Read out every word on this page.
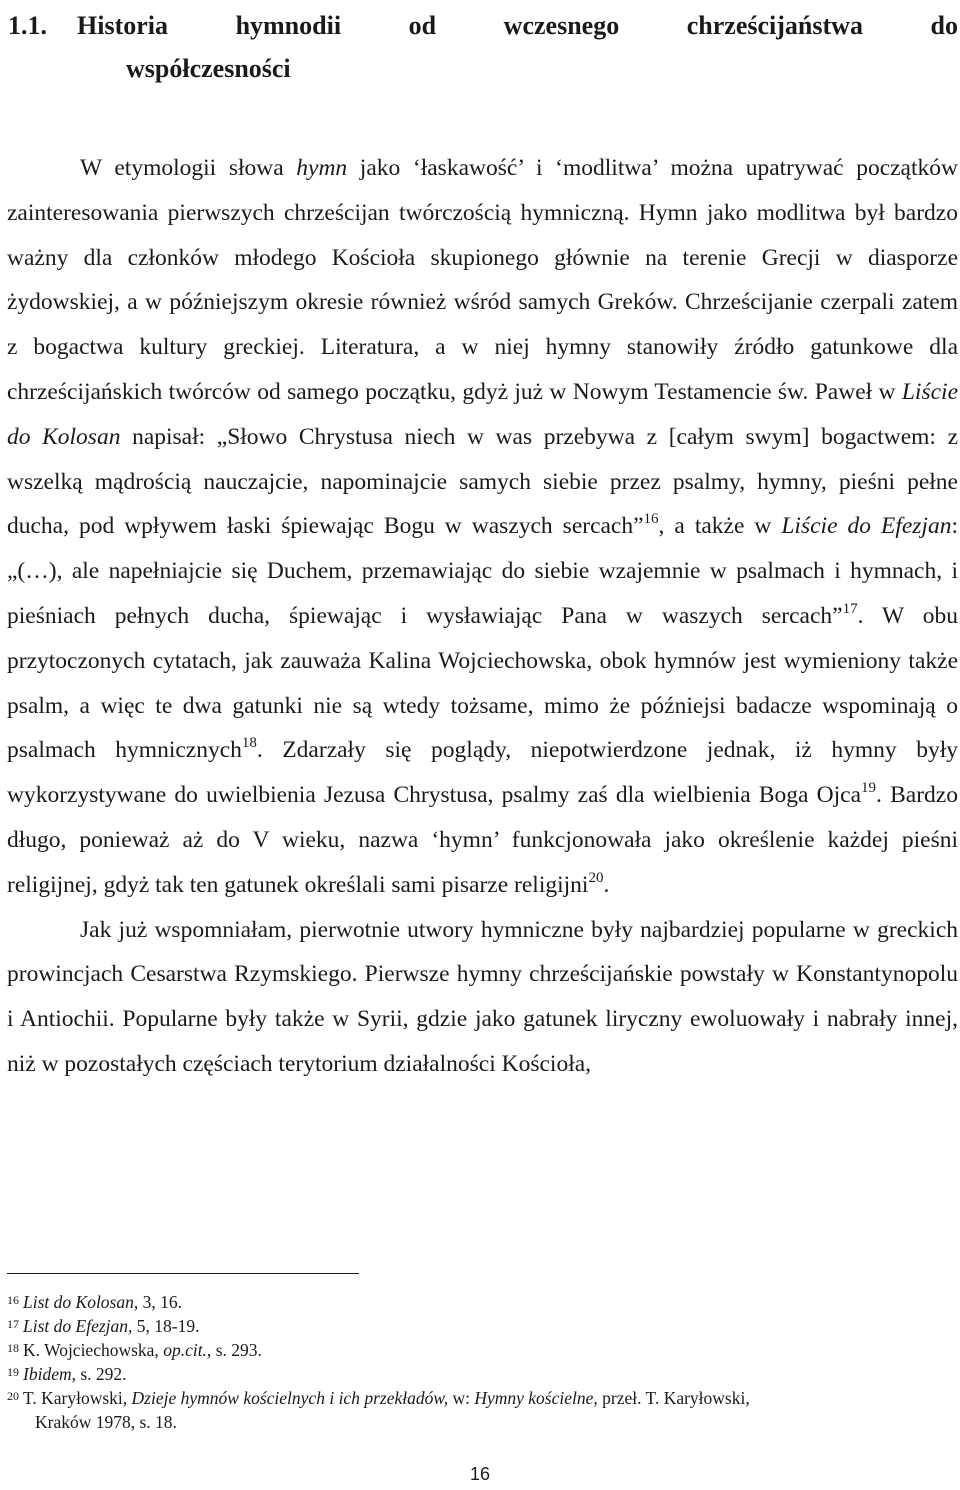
1.1. Historia hymnodii od wczesnego chrześcijaństwa do
współczesności

W etymologii słowa hymn jako ‘łaskawość’ i ‘modlitwa’ można upatrywać początków zainteresowania pierwszych chrześcijan twórczością hymniczną. Hymn jako modlitwa był bardzo ważny dla członków młodego Kościoła skupionego głównie na terenie Grecji w diasporze żydowskiej, a w późniejszym okresie również wśród samych Greków. Chrześcijanie czerpali zatem z bogactwa kultury greckiej. Literatura, a w niej hymny stanowiły źródło gatunkowe dla chrześcijańskich twórców od samego początku, gdyż już w Nowym Testamencie św. Paweł w Liście do Kolosan napisał: „Słowo Chrystusa niech w was przebywa z [całym swym] bogactwem: z wszelką mądrością nauczajcie, napominajcie samych siebie przez psalmy, hymny, pieśni pełne ducha, pod wpływem łaski śpiewając Bogu w waszych sercach”$^{16}$, a także w Liście do Efezjan: „(…), ale napełniajcie się Duchem, przemawiając do siebie wzajemnie w psalmach i hymnach, i pieśniach pełnych ducha, śpiewając i wysławiając Pana w waszych sercach”$^{17}$. W obu przytoczonych cytatach, jak zauważa Kalina Wojciechowska, obok hymnów jest wymieniony także psalm, a więc te dwa gatunki nie są wtedy tożsame, mimo że późniejsi badacze wspominają o psalmach hymnicznych$^{18}$. Zdarzały się poglądy, niepotwierdzone jednak, iż hymny były wykorzystywane do uwielbienia Jezusa Chrystusa, psalmy zaś dla wielbienia Boga Ojca$^{19}$. Bardzo długo, ponieważ aż do V wieku, nazwa ‘hymn’ funkcjonowała jako określenie każdej pieśni religijnej, gdyż tak ten gatunek określali sami pisarze religijni$^{20}$.

Jak już wspomniałam, pierwotnie utwory hymniczne były najbardziej popularne w greckich prowincjach Cesarstwa Rzymskiego. Pierwsze hymny chrześcijańskie powstały w Konstantynopolu i Antiochii. Popularne były także w Syrii, gdzie jako gatunek liryczny ewoluowały i nabrały innej, niż w pozostałych częściach terytorium działalności Kościoła,

16 List do Kolosan, 3, 16.
17 List do Efezjan, 5, 18-19.
18 K. Wojciechowska, op.cit., s. 293.
19 Ibidem, s. 292.
20 T. Karyłowski, Dzieje hymnów kościelnych i ich przekładów, w: Hymny kościelne, przeł. T. Karyłowski,
Kraków 1978, s. 18.
16
